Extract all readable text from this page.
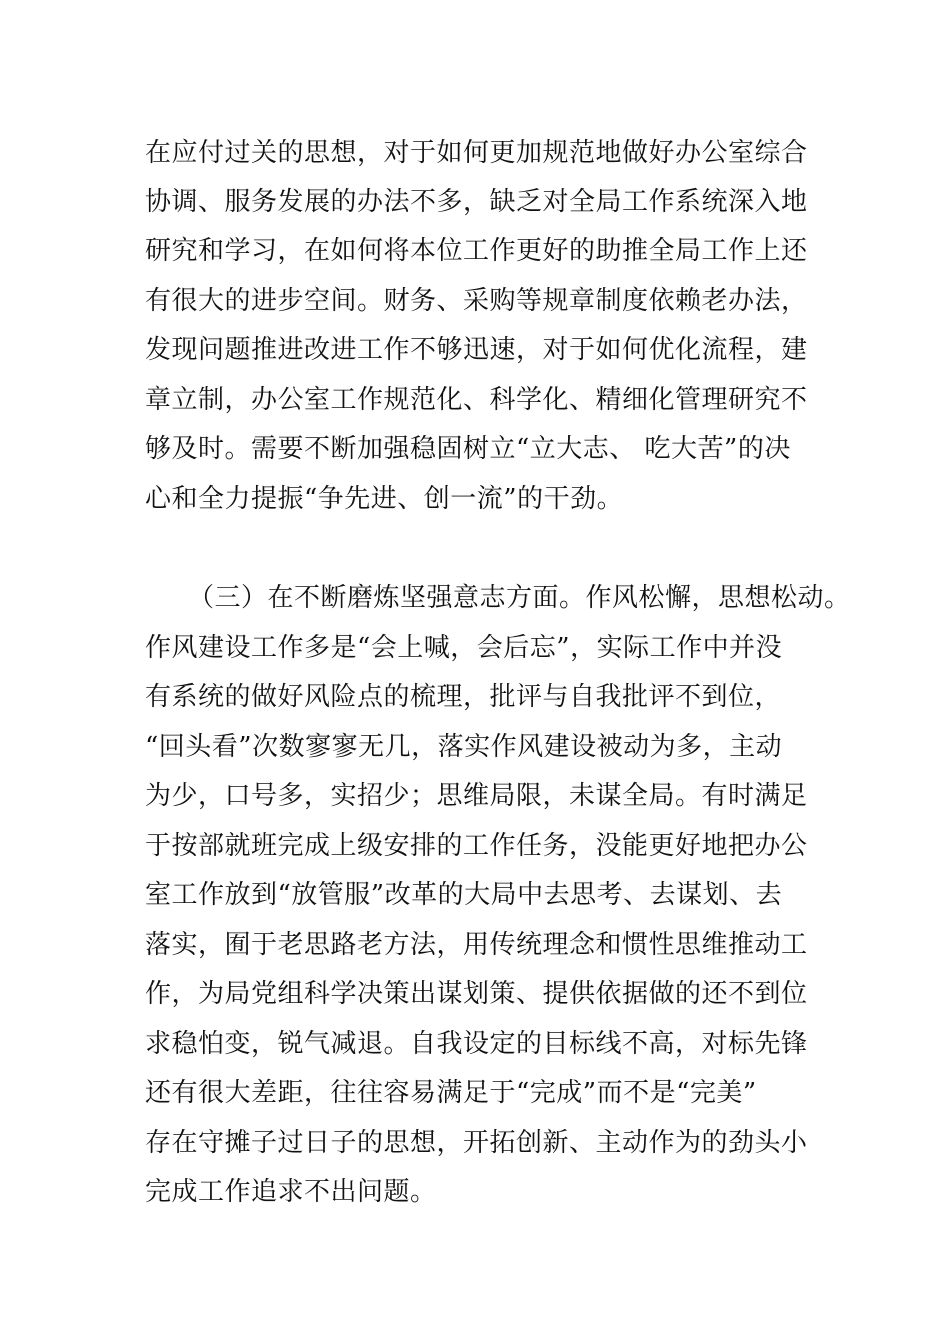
在应付过关的思想，对于如何更加规范地做好办公室综合
协调、服务发展的办法不多，缺乏对全局工作系统深入地
研究和学习，在如何将本位工作更好的助推全局工作上还
有很大的进步空间。财务、采购等规章制度依赖老办法，
发现问题推进改进工作不够迅速，对于如何优化流程，建
章立制，办公室工作规范化、科学化、精细化管理研究不
够及时。需要不断加强稳固树立“立大志、 吃大苦”的决
心和全力提振“争先进、创一流”的干劲。
（三）在不断磨炼坚强意志方面。作风松懈，思想松动。
作风建设工作多是“会上喊，会后忘”，实际工作中并没
有系统的做好风险点的梳理，批评与自我批评不到位，
“回头看”次数寥寥无几，落实作风建设被动为多，主动
为少，口号多，实招少；思维局限，未谋全局。有时满足
于按部就班完成上级安排的工作任务，没能更好地把办公
室工作放到“放管服”改革的大局中去思考、去谋划、去
落实，囿于老思路老方法，用传统理念和惯性思维推动工
作，为局党组科学决策出谋划策、提供依据做的还不到位
求稳怕变，锐气减退。自我设定的目标线不高，对标先锋
还有很大差距，往往容易满足于“完成”而不是“完美”
存在守摊子过日子的思想，开拓创新、主动作为的劲头小
完成工作追求不出问题。
